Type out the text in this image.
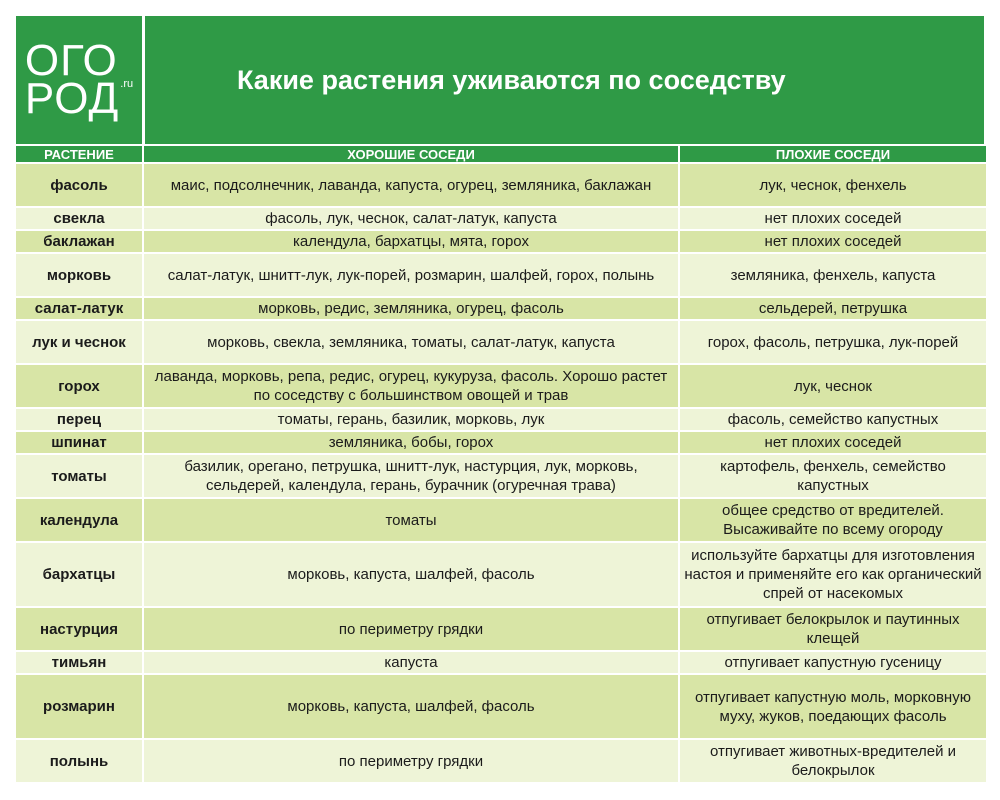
ОГО
$РОД^{.ru}$	Какие растения уживаются по соседству
РАСТЕНИЕ	ХОРОШИЕ СОСЕДИ	ПЛОХИЕ СОСЕДИ
фасоль	маис, подсолнечник, лаванда, капуста, огурец, земляника, баклажан	лук, чеснок, фенхель
свекла	фасоль, лук, чеснок, салат-латук, капуста	нет плохих соседей
баклажан	календула, бархатцы, мята, горох	нет плохих соседей
морковь	салат-латук, шнитт-лук, лук-порей, розмарин, шалфей, горох, полынь	земляника, фенхель, капуста
салат-латук	морковь, редис, земляника, огурец, фасоль	сельдерей, петрушка
лук и чеснок	морковь, свекла, земляника, томаты, салат-латук, капуста	горох, фасоль, петрушка, лук-порей
горох	лаванда, морковь, репа, редис, огурец, кукуруза, фасоль. Хорошо растет по соседству с большинством овощей и трав	лук, чеснок
перец	томаты, герань, базилик, морковь, лук	фасоль, семейство капустных
шпинат	земляника, бобы, горох	нет плохих соседей
томаты	базилик, орегано, петрушка, шнитт-лук, настурция, лук, морковь, сельдерей, календула, герань, бурачник (огуречная трава)	картофель, фенхель, семейство капустных
календула	томаты	общее средство от вредителей. Высаживайте по всему огороду
бархатцы	морковь, капуста, шалфей, фасоль	используйте бархатцы для изготовления настоя и применяйте его как органический спрей от насекомых
настурция	по периметру грядки	отпугивает белокрылок и паутинных клещей
тимьян	капуста	отпугивает капустную гусеницу
розмарин	морковь, капуста, шалфей, фасоль	отпугивает капустную моль, морковную муху, жуков, поедающих фасоль
полынь	по периметру грядки	отпугивает животных-вредителей и белокрылок
